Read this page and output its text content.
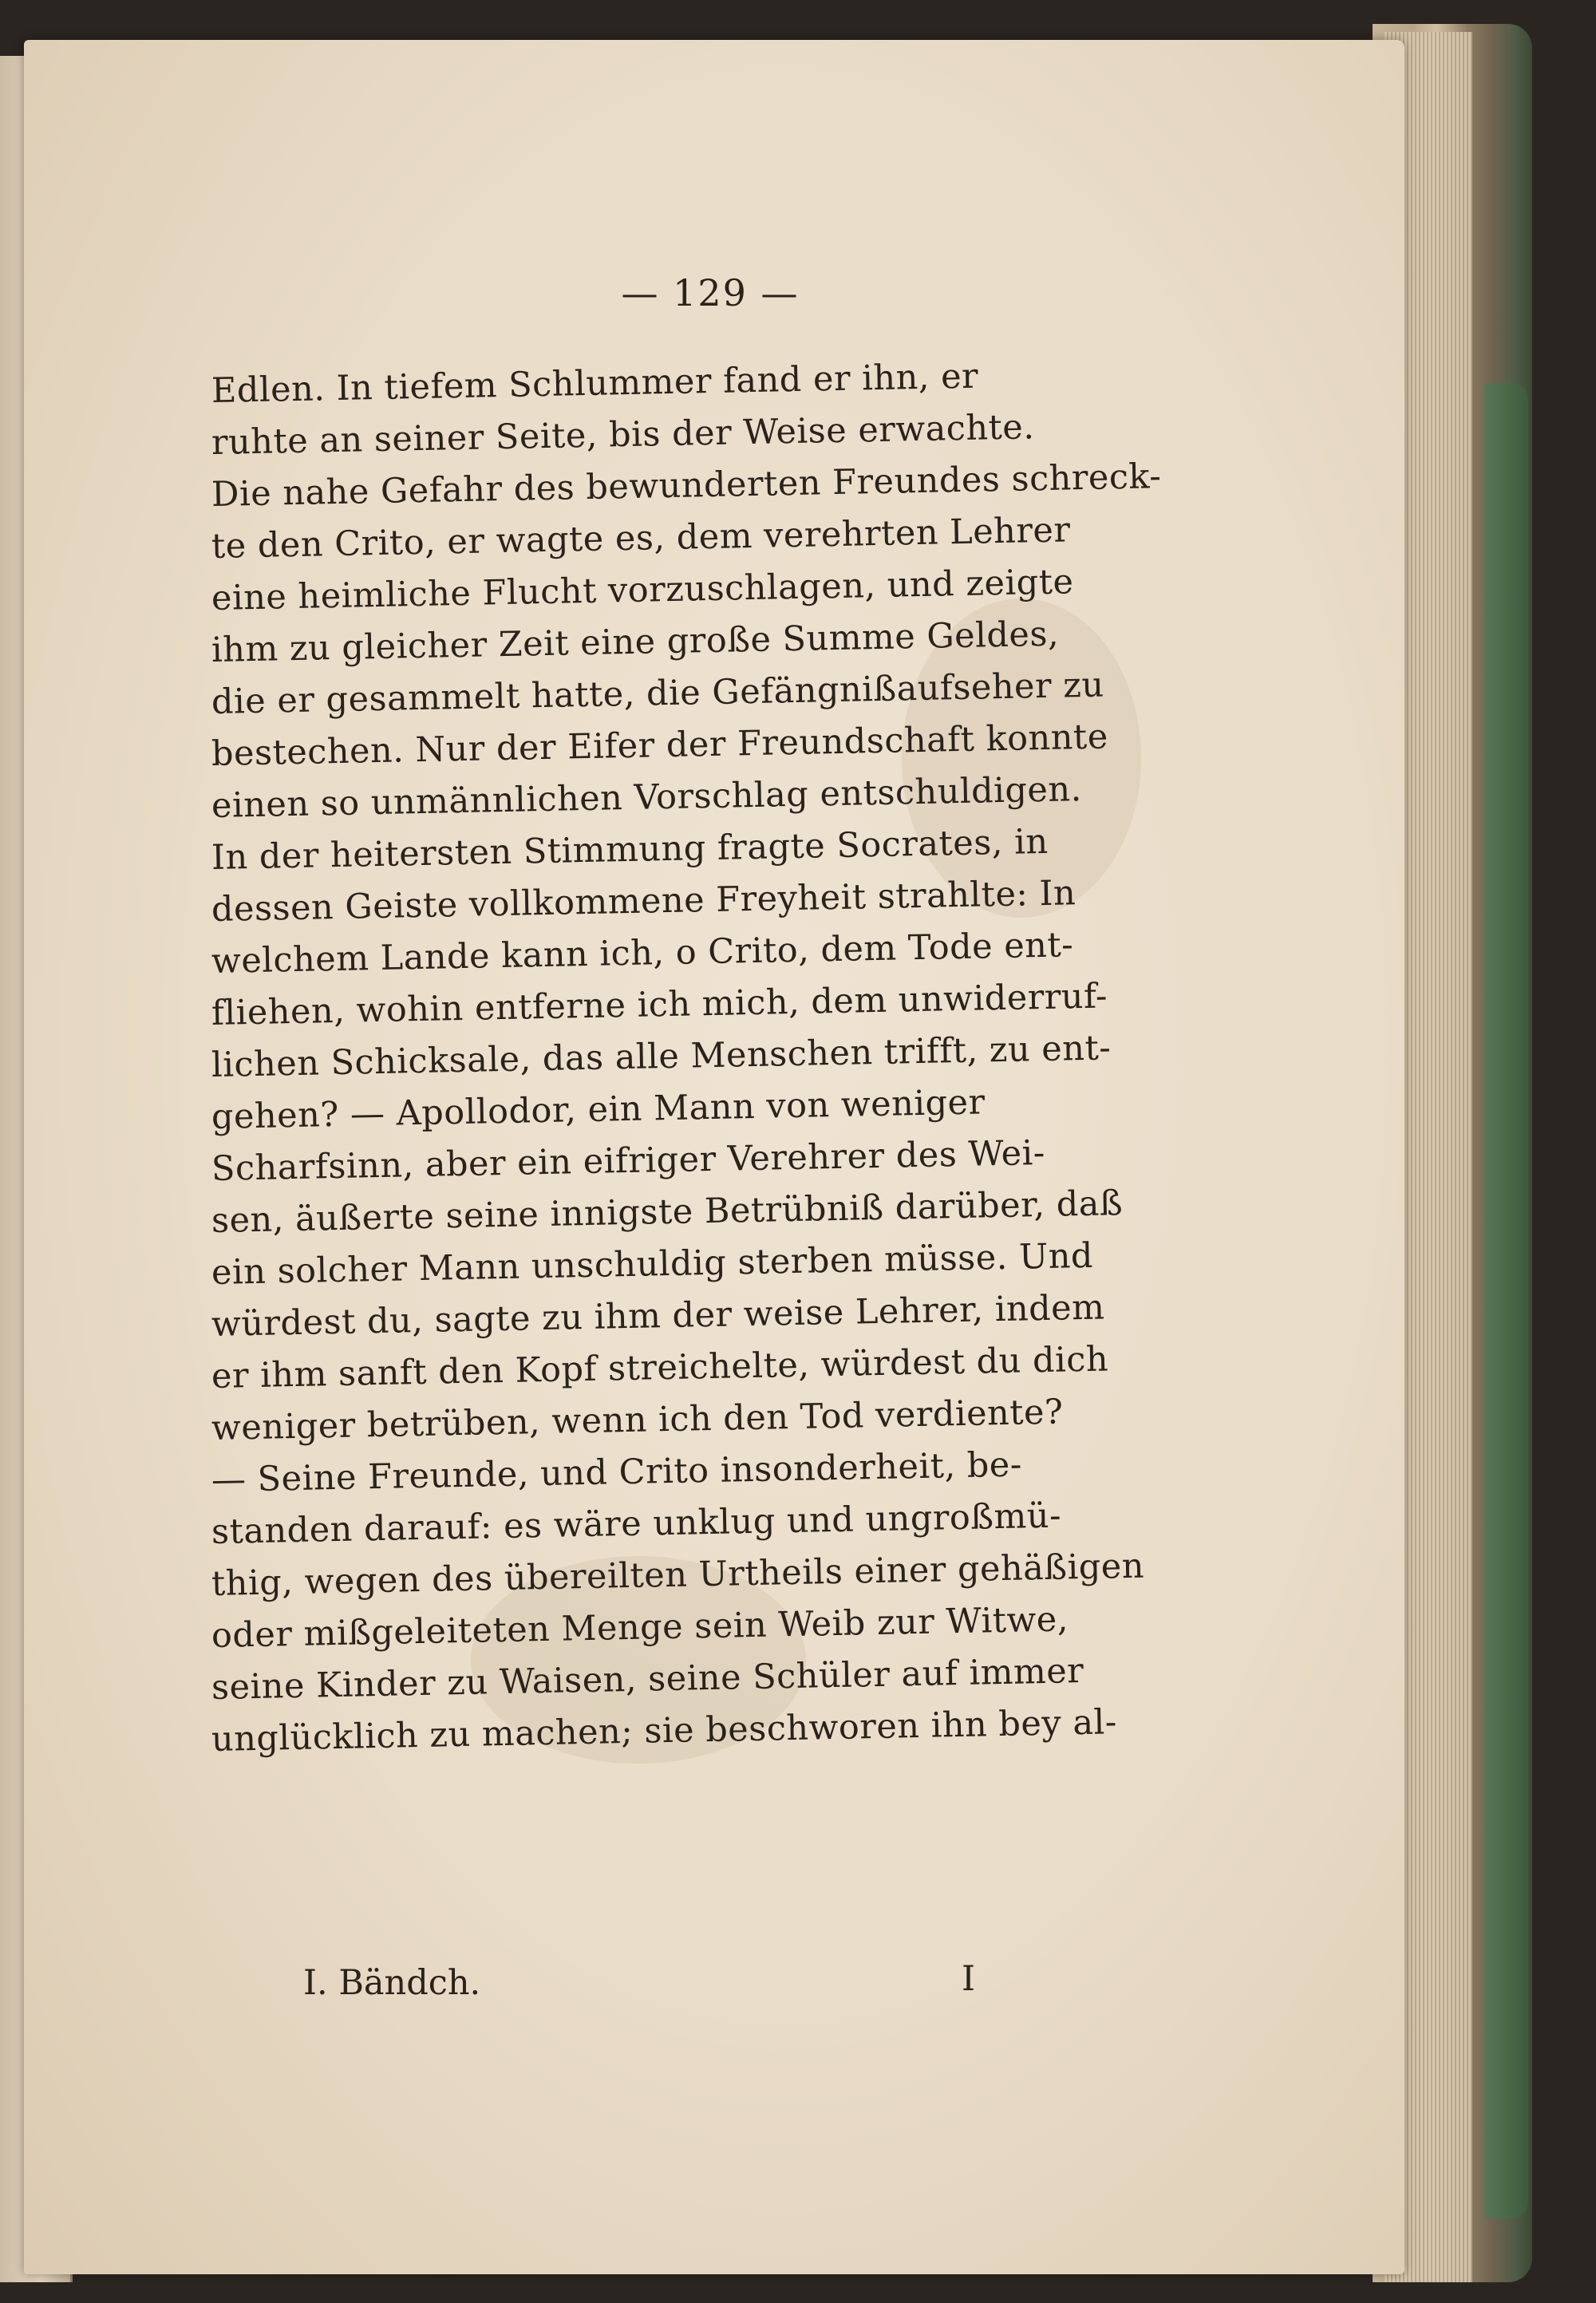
— 129 —
Edlen. In tiefem Schlummer fand er ihn, er
ruhte an seiner Seite, bis der Weise erwachte.
Die nahe Gefahr des bewunderten Freundes schreck-
te den Crito, er wagte es, dem verehrten Lehrer
eine heimliche Flucht vorzuschlagen, und zeigte
ihm zu gleicher Zeit eine große Summe Geldes,
die er gesammelt hatte, die Gefängnißaufseher zu
bestechen. Nur der Eifer der Freundschaft konnte
einen so unmännlichen Vorschlag entschuldigen.
In der heitersten Stimmung fragte Socrates, in
dessen Geiste vollkommene Freyheit strahlte: In
welchem Lande kann ich, o Crito, dem Tode ent-
fliehen, wohin entferne ich mich, dem unwiderruf-
lichen Schicksale, das alle Menschen trifft, zu ent-
gehen? — Apollodor, ein Mann von weniger
Scharfsinn, aber ein eifriger Verehrer des Wei-
sen, äußerte seine innigste Betrübniß darüber, daß
ein solcher Mann unschuldig sterben müsse. Und
würdest du, sagte zu ihm der weise Lehrer, indem
er ihm sanft den Kopf streichelte, würdest du dich
weniger betrüben, wenn ich den Tod verdiente?
— Seine Freunde, und Crito insonderheit, be-
standen darauf: es wäre unklug und ungroßmü-
thig, wegen des übereilten Urtheils einer gehäßigen
oder mißgeleiteten Menge sein Weib zur Witwe,
seine Kinder zu Waisen, seine Schüler auf immer
unglücklich zu machen; sie beschworen ihn bey al-
I. Bändch.	I
